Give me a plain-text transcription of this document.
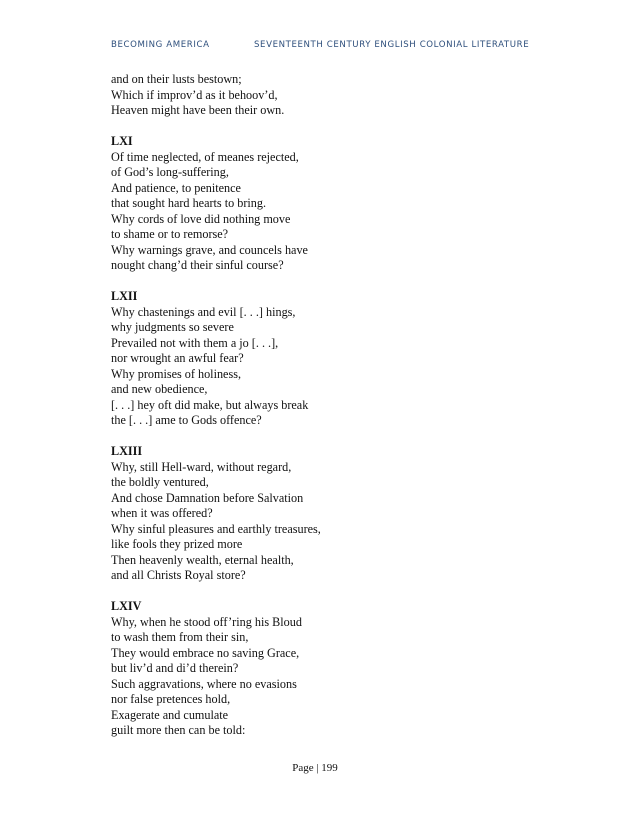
BECOMING AMERICA	SEVENTEENTH CENTURY ENGLISH COLONIAL LITERATURE
and on their lusts bestown;
Which if improv’d as it behoov’d,
Heaven might have been their own.
LXI
Of time neglected, of meanes rejected,
of God’s long-suffering,
And patience, to penitence
that sought hard hearts to bring.
Why cords of love did nothing move
to shame or to remorse?
Why warnings grave, and councels have
nought chang’d their sinful course?
LXII
Why chastenings and evil [. . .] hings,
why judgments so severe
Prevailed not with them a jo [. . .],
nor wrought an awful fear?
Why promises of holiness,
and new obedience,
[. . .] hey oft did make, but always break
the [. . .] ame to Gods offence?
LXIII
Why, still Hell-ward, without regard,
the boldly ventured,
And chose Damnation before Salvation
when it was offered?
Why sinful pleasures and earthly treasures,
like fools they prized more
Then heavenly wealth, eternal health,
and all Christs Royal store?
LXIV
Why, when he stood off’ring his Bloud
to wash them from their sin,
They would embrace no saving Grace,
but liv’d and di’d therein?
Such aggravations, where no evasions
nor false pretences hold,
Exagerate and cumulate
guilt more then can be told:
Page | 199
